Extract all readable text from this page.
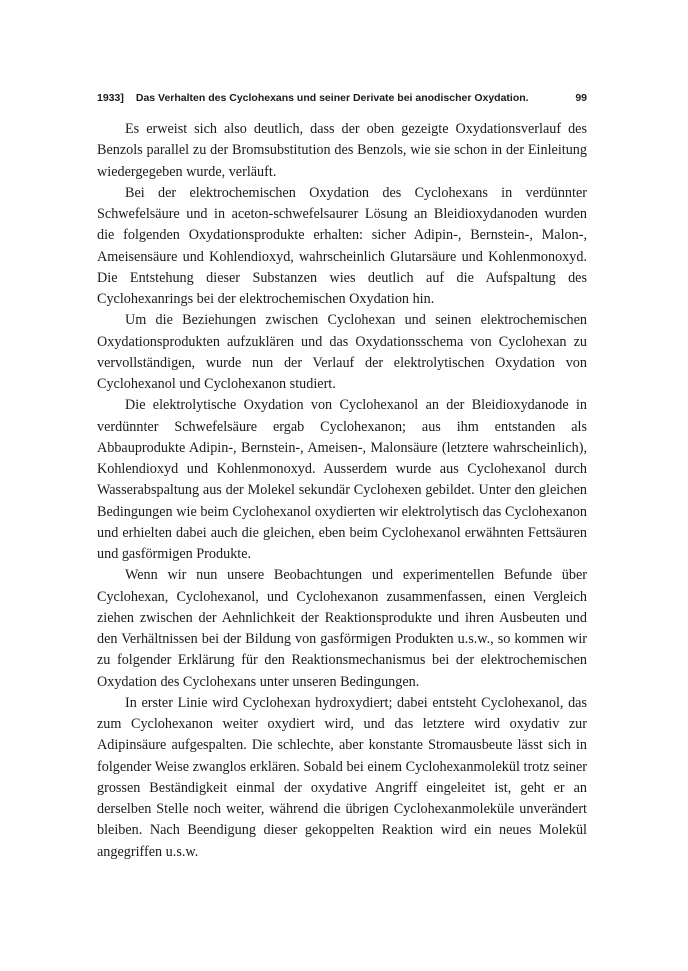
1933] Das Verhalten des Cyclohexans und seiner Derivate bei anodischer Oxydation.	99

Es erweist sich also deutlich, dass der oben gezeigte Oxydationsverlauf des Benzols parallel zu der Bromsubstitution des Benzols, wie sie schon in der Einleitung wiedergegeben wurde, verläuft.

Bei der elektrochemischen Oxydation des Cyclohexans in verdünnter Schwefelsäure und in aceton-schwefelsaurer Lösung an Bleidioxydanoden wurden die folgenden Oxydationsprodukte erhalten: sicher Adipin-, Bernstein-, Malon-, Ameisensäure und Kohlendioxyd, wahrscheinlich Glutarsäure und Kohlenmonoxyd. Die Entstehung dieser Substanzen wies deutlich auf die Aufspaltung des Cyclohexanrings bei der elektrochemischen Oxydation hin.

Um die Beziehungen zwischen Cyclohexan und seinen elektrochemischen Oxydationsprodukten aufzuklären und das Oxydationsschema von Cyclohexan zu vervollständigen, wurde nun der Verlauf der elektrolytischen Oxydation von Cyclohexanol und Cyclohexanon studiert.

Die elektrolytische Oxydation von Cyclohexanol an der Bleidioxydanode in verdünnter Schwefelsäure ergab Cyclohexanon; aus ihm entstanden als Abbauprodukte Adipin-, Bernstein-, Ameisen-, Malonsäure (letztere wahrscheinlich), Kohlendioxyd und Kohlenmonoxyd. Ausserdem wurde aus Cyclohexanol durch Wasserabspaltung aus der Molekel sekundär Cyclohexen gebildet. Unter den gleichen Bedingungen wie beim Cyclohexanol oxydierten wir elektrolytisch das Cyclohexanon und erhielten dabei auch die gleichen, eben beim Cyclohexanol erwähnten Fettsäuren und gasförmigen Produkte.

Wenn wir nun unsere Beobachtungen und experimentellen Befunde über Cyclohexan, Cyclohexanol, und Cyclohexanon zusammenfassen, einen Vergleich ziehen zwischen der Aehnlichkeit der Reaktionsprodukte und ihren Ausbeuten und den Verhältnissen bei der Bildung von gasförmigen Produkten u.s.w., so kommen wir zu folgender Erklärung für den Reaktionsmechanismus bei der elektrochemischen Oxydation des Cyclohexans unter unseren Bedingungen.

In erster Linie wird Cyclohexan hydroxydiert; dabei entsteht Cyclohexanol, das zum Cyclohexanon weiter oxydiert wird, und das letztere wird oxydativ zur Adipinsäure aufgespalten. Die schlechte, aber konstante Stromausbeute lässt sich in folgender Weise zwanglos erklären. Sobald bei einem Cyclohexanmolekül trotz seiner grossen Beständigkeit einmal der oxydative Angriff eingeleitet ist, geht er an derselben Stelle noch weiter, während die übrigen Cyclohexanmoleküle unverändert bleiben. Nach Beendigung dieser gekoppelten Reaktion wird ein neues Molekül angegriffen u.s.w.
